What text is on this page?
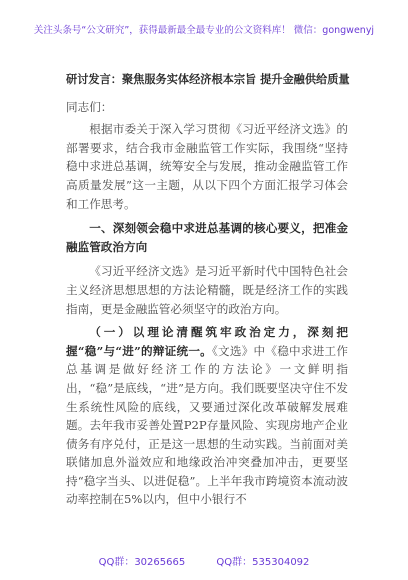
关注头条号“公文研究”，获得最新最全最专业的公文资料库！ 微信：gongwenyj
研讨发言：聚焦服务实体经济根本宗旨 提升金融供给质量
同志们：

根据市委关于深入学习贯彻《习近平经济文选》的部署要求，结合我市金融监管工作实际，我围绕“坚持稳中求进总基调，统筹安全与发展，推动金融监管工作高质量发展”这一主题，从以下四个方面汇报学习体会和工作思考。

一、深刻领会稳中求进总基调的核心要义，把准金融监管政治方向

《习近平经济文选》是习近平新时代中国特色社会主义经济思想思想的方法论精髓，既是经济工作的实践指南，更是金融监管必须坚守的政治方向。

（一）以理论清醒筑牢政治定力，深刻把握“稳”与“进”的辩证统一。《文选》中《稳中求进工作总基调是做好经济工作的方法论》一文鲜明指出，“稳”是底线，“进”是方向。我们既要坚决守住不发生系统性风险的底线，又要通过深化改革破解发展难题。去年我市妥善处置P2P存量风险、实现房地产企业债务有序兑付，正是这一思想的生动实践。当前面对美联储加息外溢效应和地缘政治冲突叠加冲击，更要坚持“稳字当头、以进促稳”。上半年我市跨境资本流动波动率控制在5%以内，但中小银行不

QQ群：30265665	QQ群：535304092
